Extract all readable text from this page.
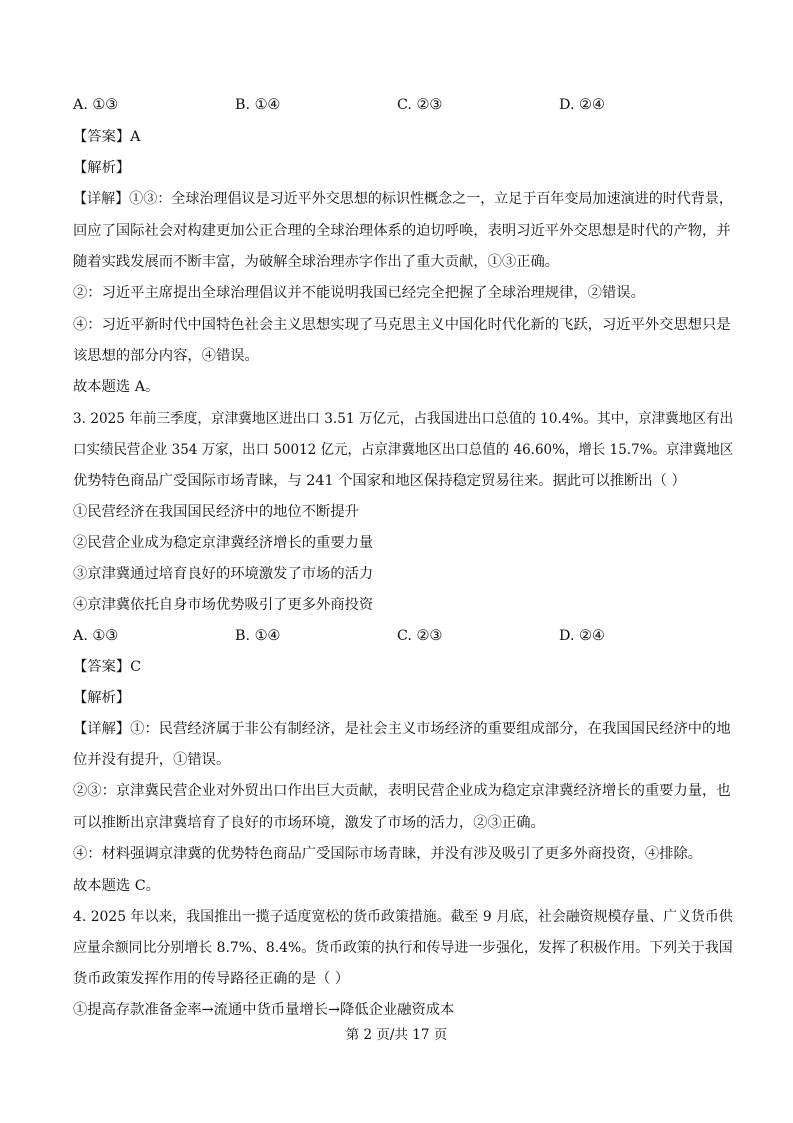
A. ①③	B. ①④	C. ②③	D. ②④
【答案】A
【解析】
【详解】①③：全球治理倡议是习近平外交思想的标识性概念之一，立足于百年变局加速演进的时代背景，
回应了国际社会对构建更加公正合理的全球治理体系的迫切呼唤，表明习近平外交思想是时代的产物，并
随着实践发展而不断丰富，为破解全球治理赤字作出了重大贡献，①③正确。
②：习近平主席提出全球治理倡议并不能说明我国已经完全把握了全球治理规律，②错误。
④：习近平新时代中国特色社会主义思想实现了马克思主义中国化时代化新的飞跃，习近平外交思想只是
该思想的部分内容，④错误。
故本题选 A。
3. 2025 年前三季度，京津冀地区进出口 3.51 万亿元，占我国进出口总值的 10.4%。其中，京津冀地区有出
口实绩民营企业 354 万家，出口 50012 亿元，占京津冀地区出口总值的 46.60%，增长 15.7%。京津冀地区
优势特色商品广受国际市场青睐，与 241 个国家和地区保持稳定贸易往来。据此可以推断出（ ）
①民营经济在我国国民经济中的地位不断提升
②民营企业成为稳定京津冀经济增长的重要力量
③京津冀通过培育良好的环境激发了市场的活力
④京津冀依托自身市场优势吸引了更多外商投资
A. ①③	B. ①④	C. ②③	D. ②④
【答案】C
【解析】
【详解】①：民营经济属于非公有制经济，是社会主义市场经济的重要组成部分，在我国国民经济中的地
位并没有提升，①错误。
②③：京津冀民营企业对外贸出口作出巨大贡献，表明民营企业成为稳定京津冀经济增长的重要力量，也
可以推断出京津冀培育了良好的市场环境，激发了市场的活力，②③正确。
④：材料强调京津冀的优势特色商品广受国际市场青睐，并没有涉及吸引了更多外商投资，④排除。
故本题选 C。
4. 2025 年以来，我国推出一揽子适度宽松的货币政策措施。截至 9 月底，社会融资规模存量、广义货币供
应量余额同比分别增长 8.7%、8.4%。货币政策的执行和传导进一步强化，发挥了积极作用。下列关于我国
货币政策发挥作用的传导路径正确的是（ ）
①提高存款准备金率→流通中货币量增长→降低企业融资成本
第 2 页/共 17 页
